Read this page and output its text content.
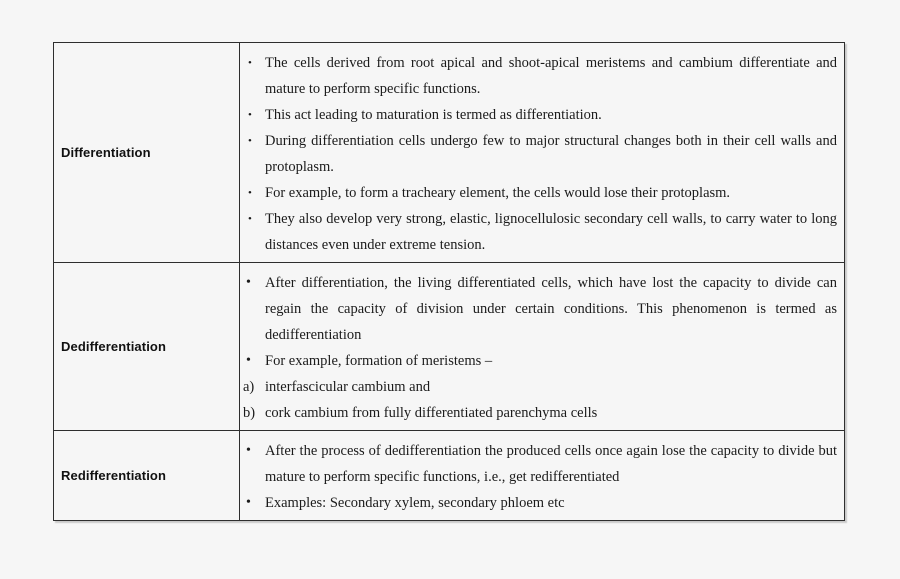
Differentiation
• The cells derived from root apical and shoot-apical meristems and cambium differentiate and mature to perform specific functions.
• This act leading to maturation is termed as differentiation.
• During differentiation cells undergo few to major structural changes both in their cell walls and protoplasm.
• For example, to form a tracheary element, the cells would lose their protoplasm.
• They also develop very strong, elastic, lignocellulosic secondary cell walls, to carry water to long distances even under extreme tension.
Dedifferentiation
• After differentiation, the living differentiated cells, which have lost the capacity to divide can regain the capacity of division under certain conditions. This phenomenon is termed as dedifferentiation
• For example, formation of meristems –
a) interfascicular cambium and
b) cork cambium from fully differentiated parenchyma cells
Redifferentiation
• After the process of dedifferentiation the produced cells once again lose the capacity to divide but mature to perform specific functions, i.e., get redifferentiated
• Examples: Secondary xylem, secondary phloem etc
